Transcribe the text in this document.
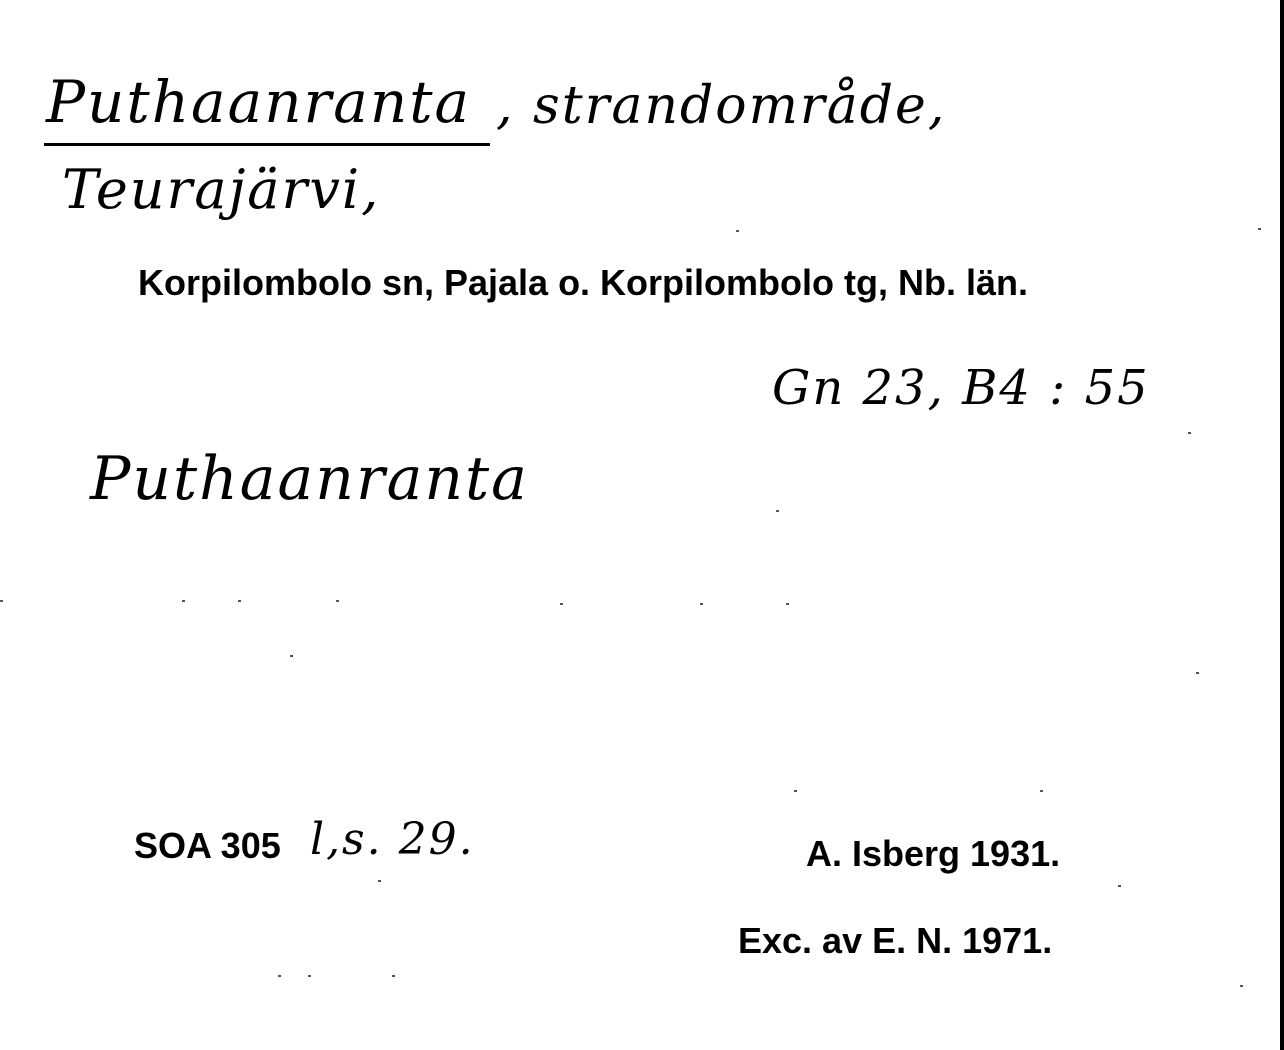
Puthaanranta , strandområde,
Teurajärvi,
Korpilombolo sn, Pajala o. Korpilombolo tg, Nb. län.
Gn 23, B4 : 55
Puthaanranta
SOA 305 l,s. 29.	A. Isberg 1931.
Exc. av E. N. 1971.
